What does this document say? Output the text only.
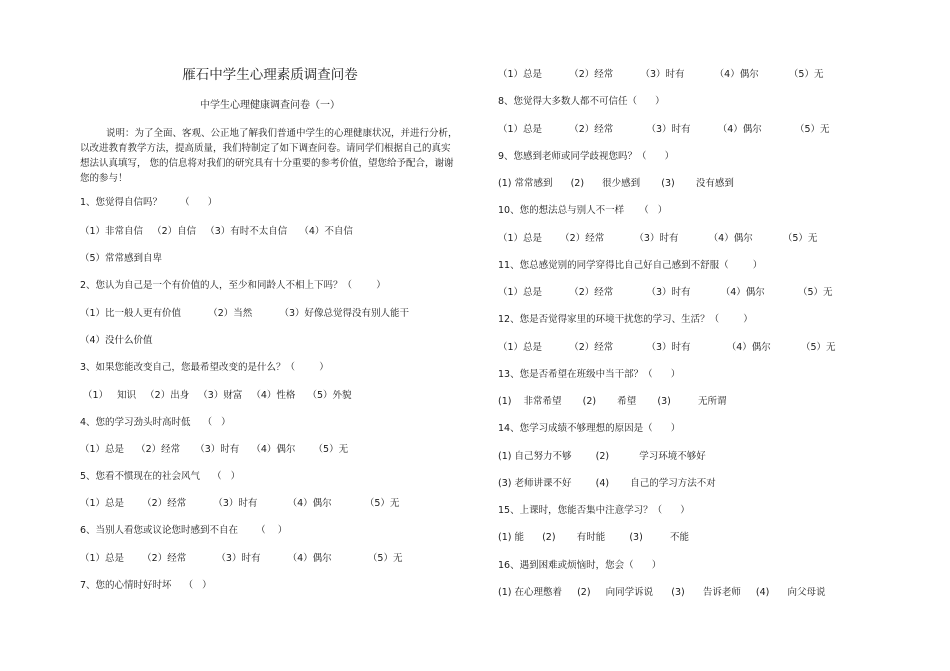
雁石中学生心理素质调查问卷
中学生心理健康调查问卷（一）
说明：为了全面、客观、公正地了解我们普通中学生的心理健康状况，并进行分析，以改进教育教学方法，提高质量，我们特制定了如下调查问卷。请同学们根据自己的真实想法认真填写， 您的信息将对我们的研究具有十分重要的参考价值，望您给予配合，谢谢您的参与！
1、您觉得自信吗？      （      ）
（1）非常自信   （2）自信   （3）有时不太自信    （4）不自信
（5）常常感到自卑
2、您认为自己是一个有价值的人，至少和同龄人不相上下吗？（        ）
（1）比一般人更有价值         （2）当然         （3）好像总觉得没有别人能干
（4）没什么价值
3、如果您能改变自己，您最希望改变的是什么？（        ）
（1）   知识   （2）出身   （3）财富   （4）性格    （5）外貌
4、您的学习劲头时高时低    （   ）
（1）总是    （2）经常     （3）时有    （4）偶尔      （5）无
5、您看不惯现在的社会风气    （   ）
（1）总是      （2）经常         （3）时有          （4）偶尔           （5）无
6、当别人看您或议论您时感到不自在      （    ）
（1）总是      （2）经常          （3）时有         （4）偶尔            （5）无
7、您的心情时好时坏    （   ）
（1）总是         （2）经常         （3）时有          （4）偶尔          （5）无
8、您觉得大多数人都不可信任（      ）
（1）总是         （2）经常           （3）时有         （4）偶尔           （5）无
9、您感到老师或同学歧视您吗？（      ）
(1) 常常感到      (2)      很少感到       (3)       没有感到
10、您的想法总与别人不一样     （   ）
（1）总是      （2）经常          （3）时有          （4）偶尔          （5）无
11、您总感觉别的同学穿得比自己好自己感到不舒服（        ）
（1）总是         （2）经常           （3）时有          （4）偶尔           （5）无
12、您是否觉得家里的环境干扰您的学习、生活？（        ）
（1）总是         （2）经常           （3）时有            （4）偶尔          （5）无
13、您是否希望在班级中当干部？（      ）
(1)    非常希望       (2)       希望       (3)         无所谓
14、您学习成绩不够理想的原因是（      ）
(1) 自己努力不够        (2)          学习环境不够好
(3) 老师讲课不好        (4)       自己的学习方法不对
15、上课时，您能否集中注意学习？（      ）
(1) 能      (2)       有时能        (3)         不能
16、遇到困难或烦恼时，您会（      ）
(1) 在心理憋着     (2)     向同学诉说      (3)      告诉老师     (4)      向父母说
